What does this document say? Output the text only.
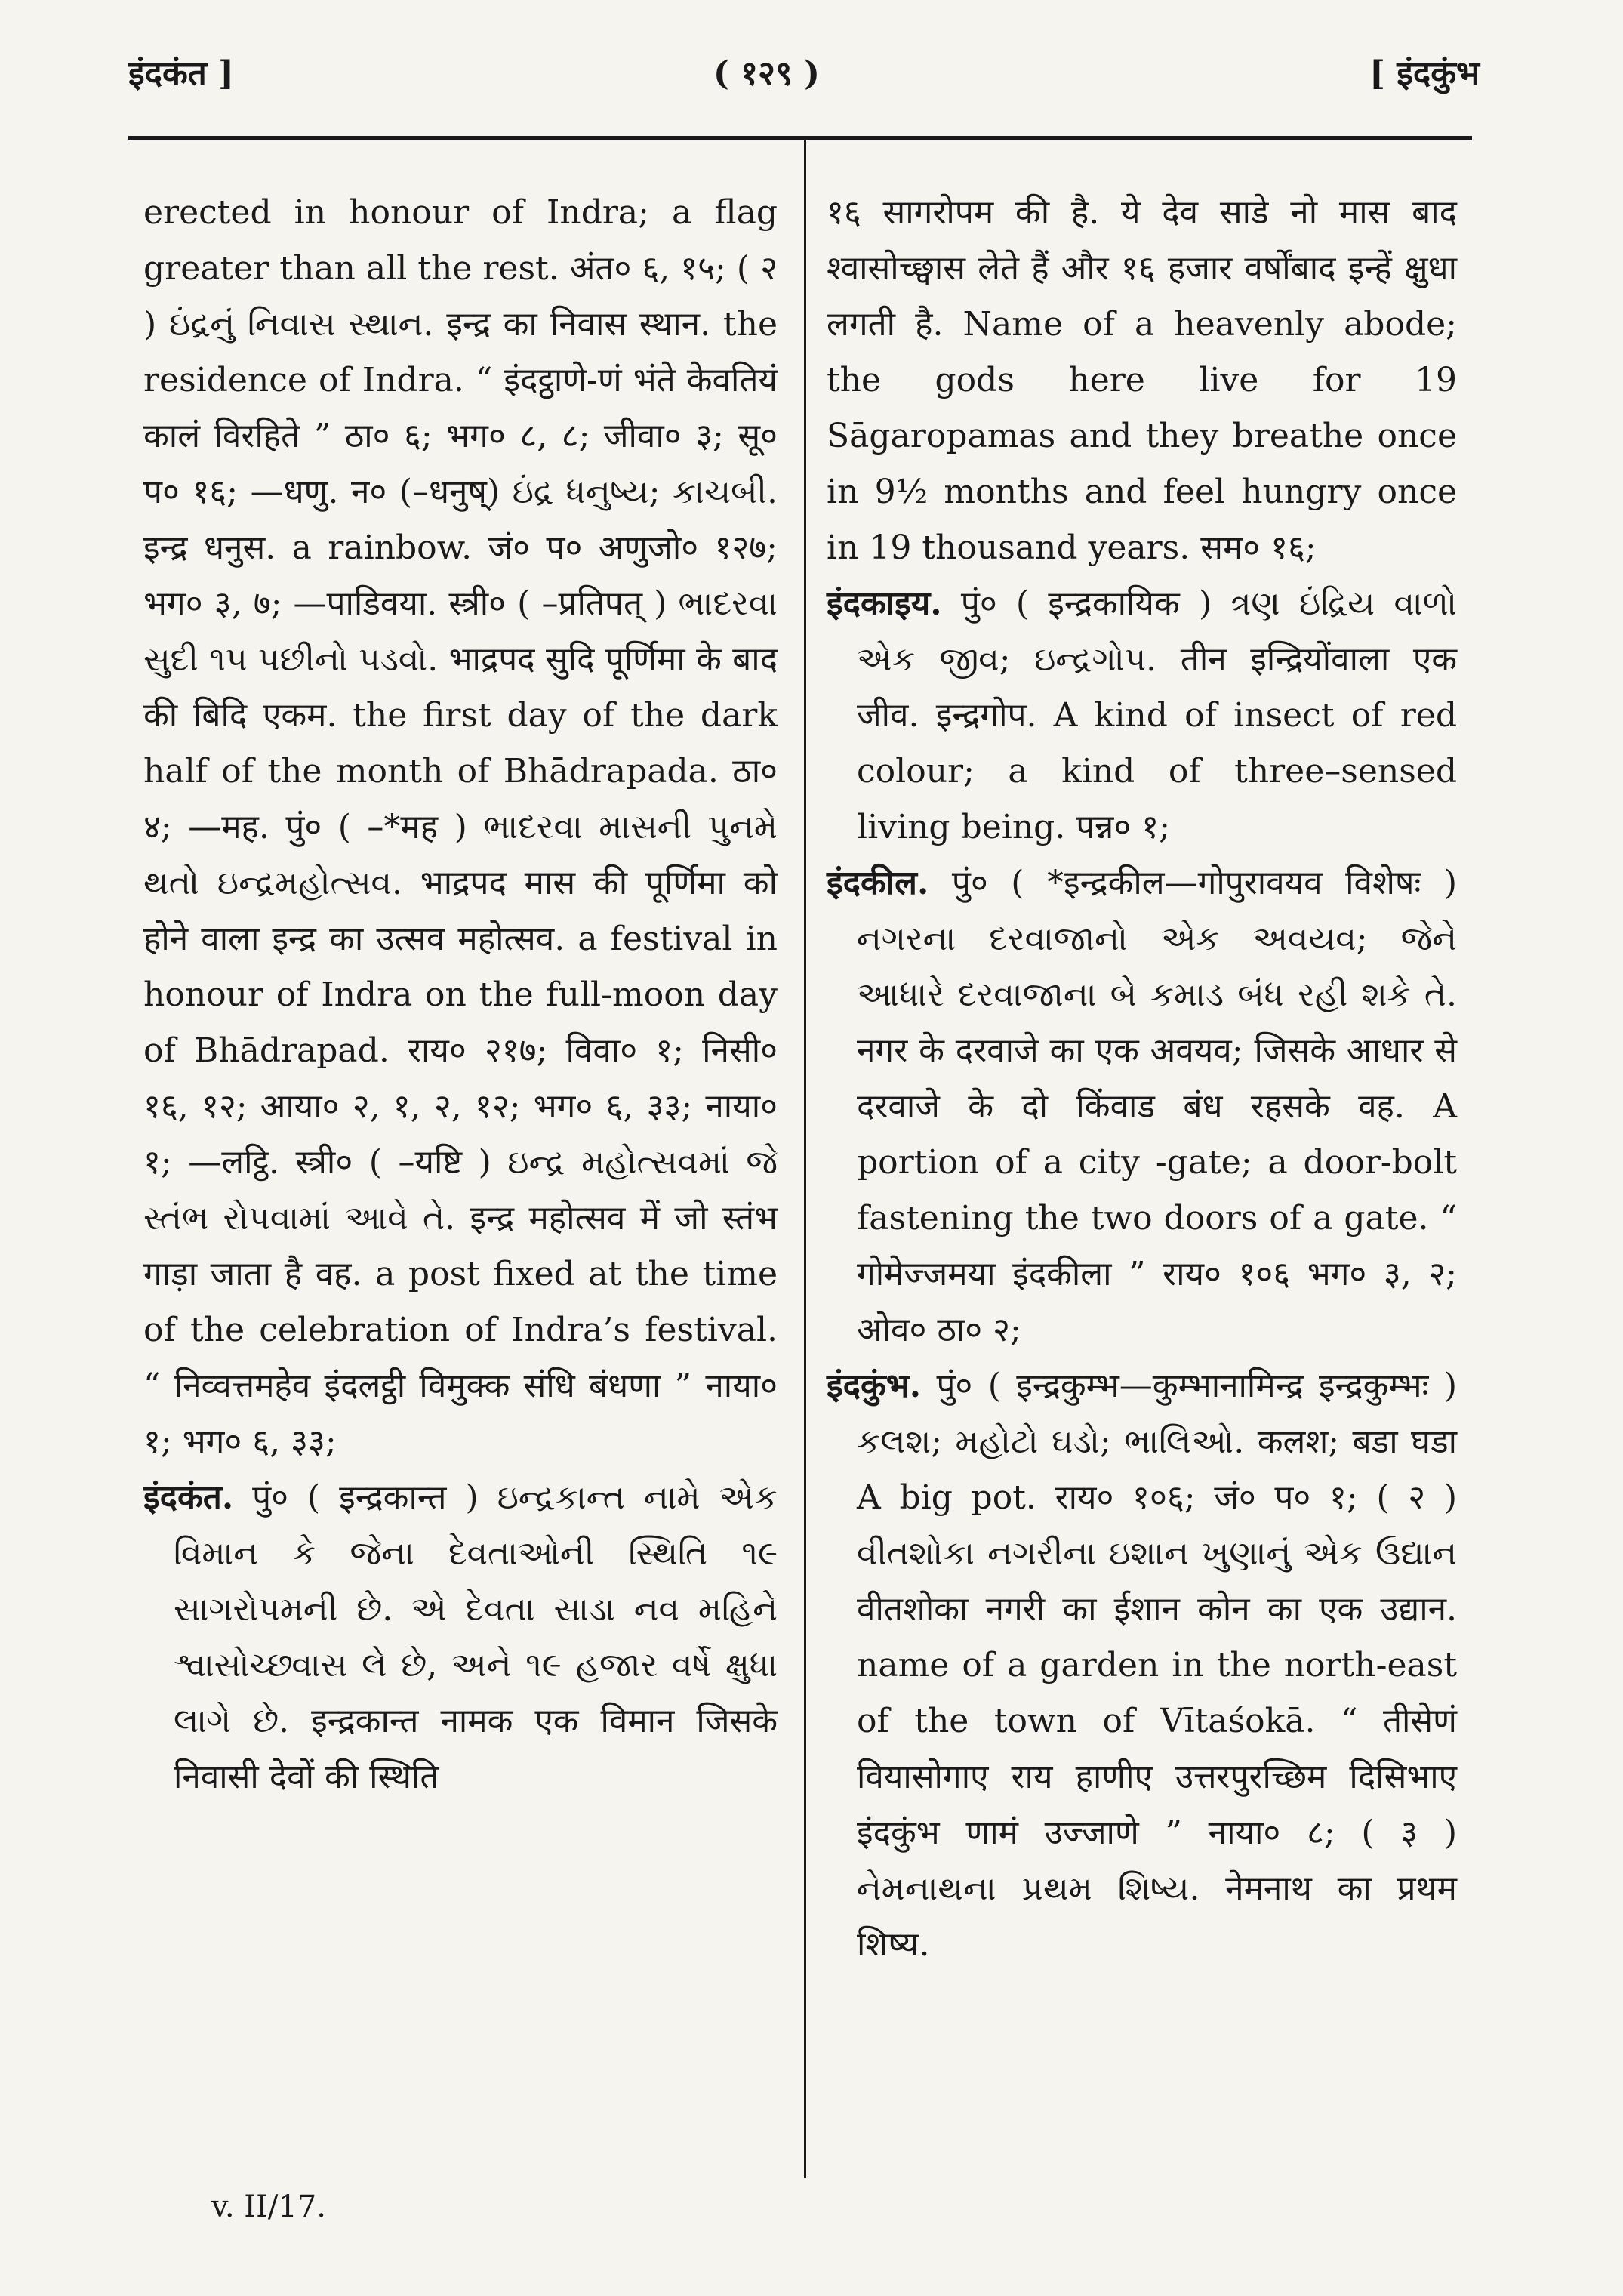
इंदकंत ]	( १२९ )	[ इंदकुंभ

erected in honour of Indra; a flag greater than all the rest. अंत० ६, १५; ( २ ) ઇંદ્રનું નિવાસ સ્થાન. इन्द्र का निवास स्थान. the residence of Indra. “ इंदट्ठाणे-णं भंते केवतियं कालं विरहिते ” ठा० ६; भग० ८, ८; जीवा० ३; सू० प० १६; —धणु. न० (–धनुष्) ઇંદ્ર ધનુષ્ય; કાચબી. इन्द्र धनुस. a rainbow. जं० प० अणुजो० १२७; भग० ३, ७; —पाडिवया. स्त्री० ( –प्रतिपत् ) ભાદરવા સુદી ૧૫ પછીનો પડવો. भाद्रपद सुदि पूर्णिमा के बाद की बिदि एकम. the first day of the dark half of the month of Bhādrapada. ठा० ४; —मह. पुं० ( –*मह ) ભાદરવા માસની પુનમે થતો ઇન્દ્રમહોત્સવ. भाद्रपद मास की पूर्णिमा को होने वाला इन्द्र का उत्सव महोत्सव. a festival in honour of Indra on the full-moon day of Bhādrapad. राय० २१७; विवा० १; निसी० १६, १२; आया० २, १, २, १२; भग० ६, ३३; नाया० १; —लट्ठि. स्त्री० ( –यष्टि ) ઇન્દ્ર મહોત્સવમાં જે સ્તંભ રોપવામાં આવે તે. इन्द्र महोत्सव में जो स्तंभ गाड़ा जाता है वह. a post fixed at the time of the celebration of Indra’s festival. “ निव्वत्तमहेव इंदलट्ठी विमुक्क संधि बंधणा ” नाया० १; भग० ६, ३३;

इंदकंत. पुं० ( इन्द्रकान्त ) ઇન્દ્રકાન્ત નામે એક વિમાન કે જેના દેવતાઓની સ્થિતિ ૧૯ સાગરોપમની છે. એ દેવતા સાડા નવ મહિને શ્વાસોચ્છ્વાસ લે છે, અને ૧૯ હજાર વર્ષે ક્ષુધા લાગે છે. इन्द्रकान्त नामक एक विमान जिसके निवासी देवों की स्थिति

१६ सागरोपम की है. ये देव साडे नो मास बाद श्वासोच्छ्वास लेते हैं और १६ हजार वर्षोंबाद इन्हें क्षुधा लगती है. Name of a heavenly abode; the gods here live for 19 Sāgaropamas and they breathe once in 9½ months and feel hungry once in 19 thousand years. सम० १६;

इंदकाइय. पुं० ( इन्द्रकायिक ) ત્રણ ઇંદ્રિય વાળો એક જીવ; ઇન્દ્રગોપ. तीन इन्द्रियोंवाला एक जीव. इन्द्रगोप. A kind of insect of red colour; a kind of three–sensed living being. पन्न० १;

इंदकील. पुं० ( *इन्द्रकील—गोपुरावयव विशेषः ) નગરના દરવાજાનો એક અવયવ; જેને આધારે દરવાજાના બે કમાડ બંધ રહી શકે તે. नगर के दरवाजे का एक अवयव; जिसके आधार से दरवाजे के दो किंवाड बंध रहसके वह. A portion of a city -gate; a door-bolt fastening the two doors of a gate. “ गोमेज्जमया इंदकीला ” राय० १०६ भग० ३, २; ओव० ठा० २;

इंदकुंभ. पुं० ( इन्द्रकुम्भ—कुम्भानामिन्द्र इन्द्रकुम्भः ) કલશ; મહોટો ઘડો; ભાલિઓ. कलश; बडा घडा A big pot. राय० १०६; जं० प० १; ( २ ) વીતશોકા નગરીના ઇશાન ખુણાનું એક ઉદ્યાન वीतशोका नगरी का ईशान कोन का एक उद्यान. name of a garden in the north-east of the town of Vītaśokā. “ तीसेणं वियासोगाए राय हाणीए उत्तरपुरच्छिम दिसिभाए इंदकुंभ णामं उज्जाणे ” नाया० ८; ( ३ ) નેમનાથના પ્રથમ શિષ્ય. नेमनाथ का प्रथम शिष्य.

v. II/17.
